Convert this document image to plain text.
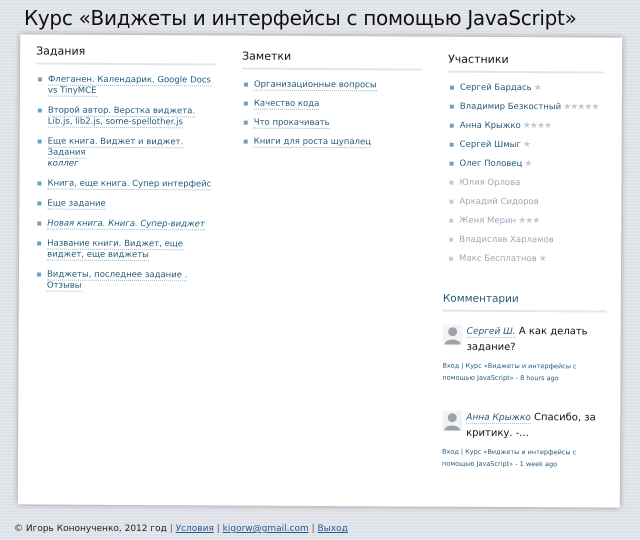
Курс «Виджеты и интерфейсы с помощью JavaScript»
Задания
Флеганен. Календарик. Google Docs vs TinyMCE
Второй автор. Верстка виджета. Lib.js, lib2.js, some-spellother.js
Еще книга. Виджет и виджет. Задания
коллег
Книга, еще книга. Супер интерфейс
Еще задание
Новая книга. Книга. Супер-виджет
Название книги. Виджет, еще виджет, еще виджеты
Виджеты, последнее задание . Отзывы
Заметки
Организационные вопросы
Качество кода
Что прокачивать
Книги для роста щупалец
Участники
Сергей Бардась ★
Владимир Безкостный ★★★★★
Анна Крыжко ★★★★
Сергей Шмыг ★
Олег Половец ★
Юлия Орлова
Аркадий Сидоров
Женя Мерин ★★★
Владислав Харламов
Макс Бесплатнов ★
Комментарии
Сергей Ш. А как делать задание?
Вход | Курс «Виджеты и интерфейсы с помощью JavaScript» - 8 hours ago
Анна Крыжко Спасибо, за критику. -...
Вход | Курс «Виджеты и интерфейсы с помощью JavaScript» - 1 week ago
© Игорь Кононученко, 2012 год | Условия | kigorw@gmail.com | Выход
